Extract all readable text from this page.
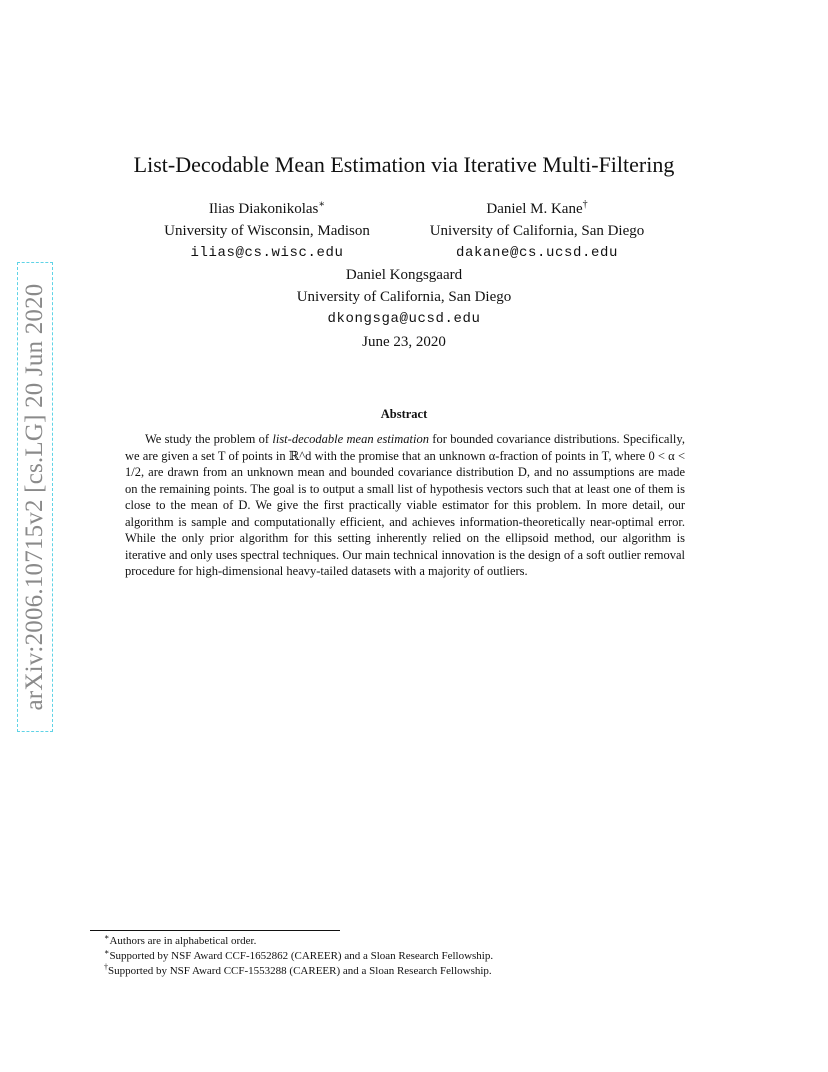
arXiv:2006.10715v2 [cs.LG] 20 Jun 2020
List-Decodable Mean Estimation via Iterative Multi-Filtering
Ilias Diakonikolas∗
University of Wisconsin, Madison
ilias@cs.wisc.edu
Daniel M. Kane†
University of California, San Diego
dakane@cs.ucsd.edu
Daniel Kongsgaard
University of California, San Diego
dkongsga@ucsd.edu
June 23, 2020
Abstract
We study the problem of list-decodable mean estimation for bounded covariance distributions. Specifically, we are given a set T of points in ℝ^d with the promise that an unknown α-fraction of points in T, where 0 < α < 1/2, are drawn from an unknown mean and bounded covariance distribution D, and no assumptions are made on the remaining points. The goal is to output a small list of hypothesis vectors such that at least one of them is close to the mean of D. We give the first practically viable estimator for this problem. In more detail, our algorithm is sample and computationally efficient, and achieves information-theoretically near-optimal error. While the only prior algorithm for this setting inherently relied on the ellipsoid method, our algorithm is iterative and only uses spectral techniques. Our main technical innovation is the design of a soft outlier removal procedure for high-dimensional heavy-tailed datasets with a majority of outliers.
∗Authors are in alphabetical order.
∗Supported by NSF Award CCF-1652862 (CAREER) and a Sloan Research Fellowship.
†Supported by NSF Award CCF-1553288 (CAREER) and a Sloan Research Fellowship.
